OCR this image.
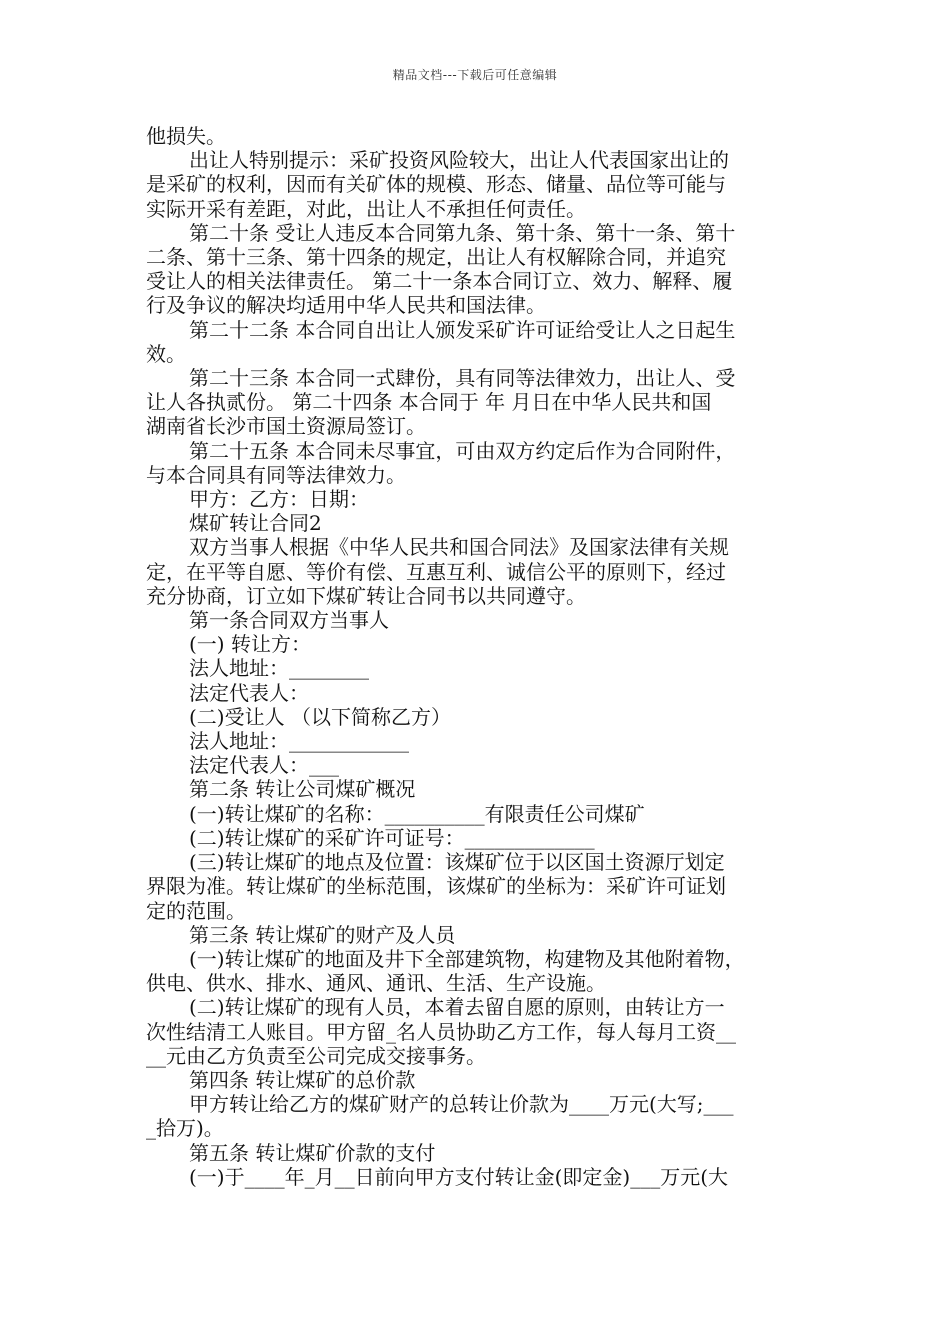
精品文档---下载后可任意编辑
他损失。
出让人特别提示：采矿投资风险较大，出让人代表国家出让的
是采矿的权利，因而有关矿体的规模、形态、储量、品位等可能与
实际开采有差距，对此，出让人不承担任何责任。
第二十条 受让人违反本合同第九条、第十条、第十一条、第十
二条、第十三条、第十四条的规定，出让人有权解除合同，并追究
受让人的相关法律责任。 第二十一条本合同订立、效力、解释、履
行及争议的解决均适用中华人民共和国法律。
第二十二条 本合同自出让人颁发采矿许可证给受让人之日起生
效。
第二十三条 本合同一式肆份，具有同等法律效力，出让人、受
让人各执贰份。 第二十四条 本合同于 年 月日在中华人民共和国
湖南省长沙市国土资源局签订。
第二十五条 本合同未尽事宜，可由双方约定后作为合同附件，
与本合同具有同等法律效力。
甲方：乙方：日期：
煤矿转让合同2
双方当事人根据《中华人民共和国合同法》及国家法律有关规
定，在平等自愿、等价有偿、互惠互利、诚信公平的原则下，经过
充分协商，订立如下煤矿转让合同书以共同遵守。
第一条合同双方当事人
(一) 转让方：
法人地址：________
法定代表人：
(二)受让人 （以下简称乙方）
法人地址：____________
法定代表人：___
第二条 转让公司煤矿概况
(一)转让煤矿的名称：__________有限责任公司煤矿
(二)转让煤矿的采矿许可证号：_____________
(三)转让煤矿的地点及位置：该煤矿位于以区国土资源厅划定
界限为准。转让煤矿的坐标范围，该煤矿的坐标为：采矿许可证划
定的范围。
第三条 转让煤矿的财产及人员
(一)转让煤矿的地面及井下全部建筑物，构建物及其他附着物，
供电、供水、排水、通风、通讯、生活、生产设施。
(二)转让煤矿的现有人员，本着去留自愿的原则，由转让方一
次性结清工人账目。甲方留_名人员协助乙方工作，每人每月工资__
__元由乙方负责至公司完成交接事务。
第四条 转让煤矿的总价款
甲方转让给乙方的煤矿财产的总转让价款为____万元(大写;___
_拾万)。
第五条 转让煤矿价款的支付
(一)于____年_月__日前向甲方支付转让金(即定金)___万元(大
